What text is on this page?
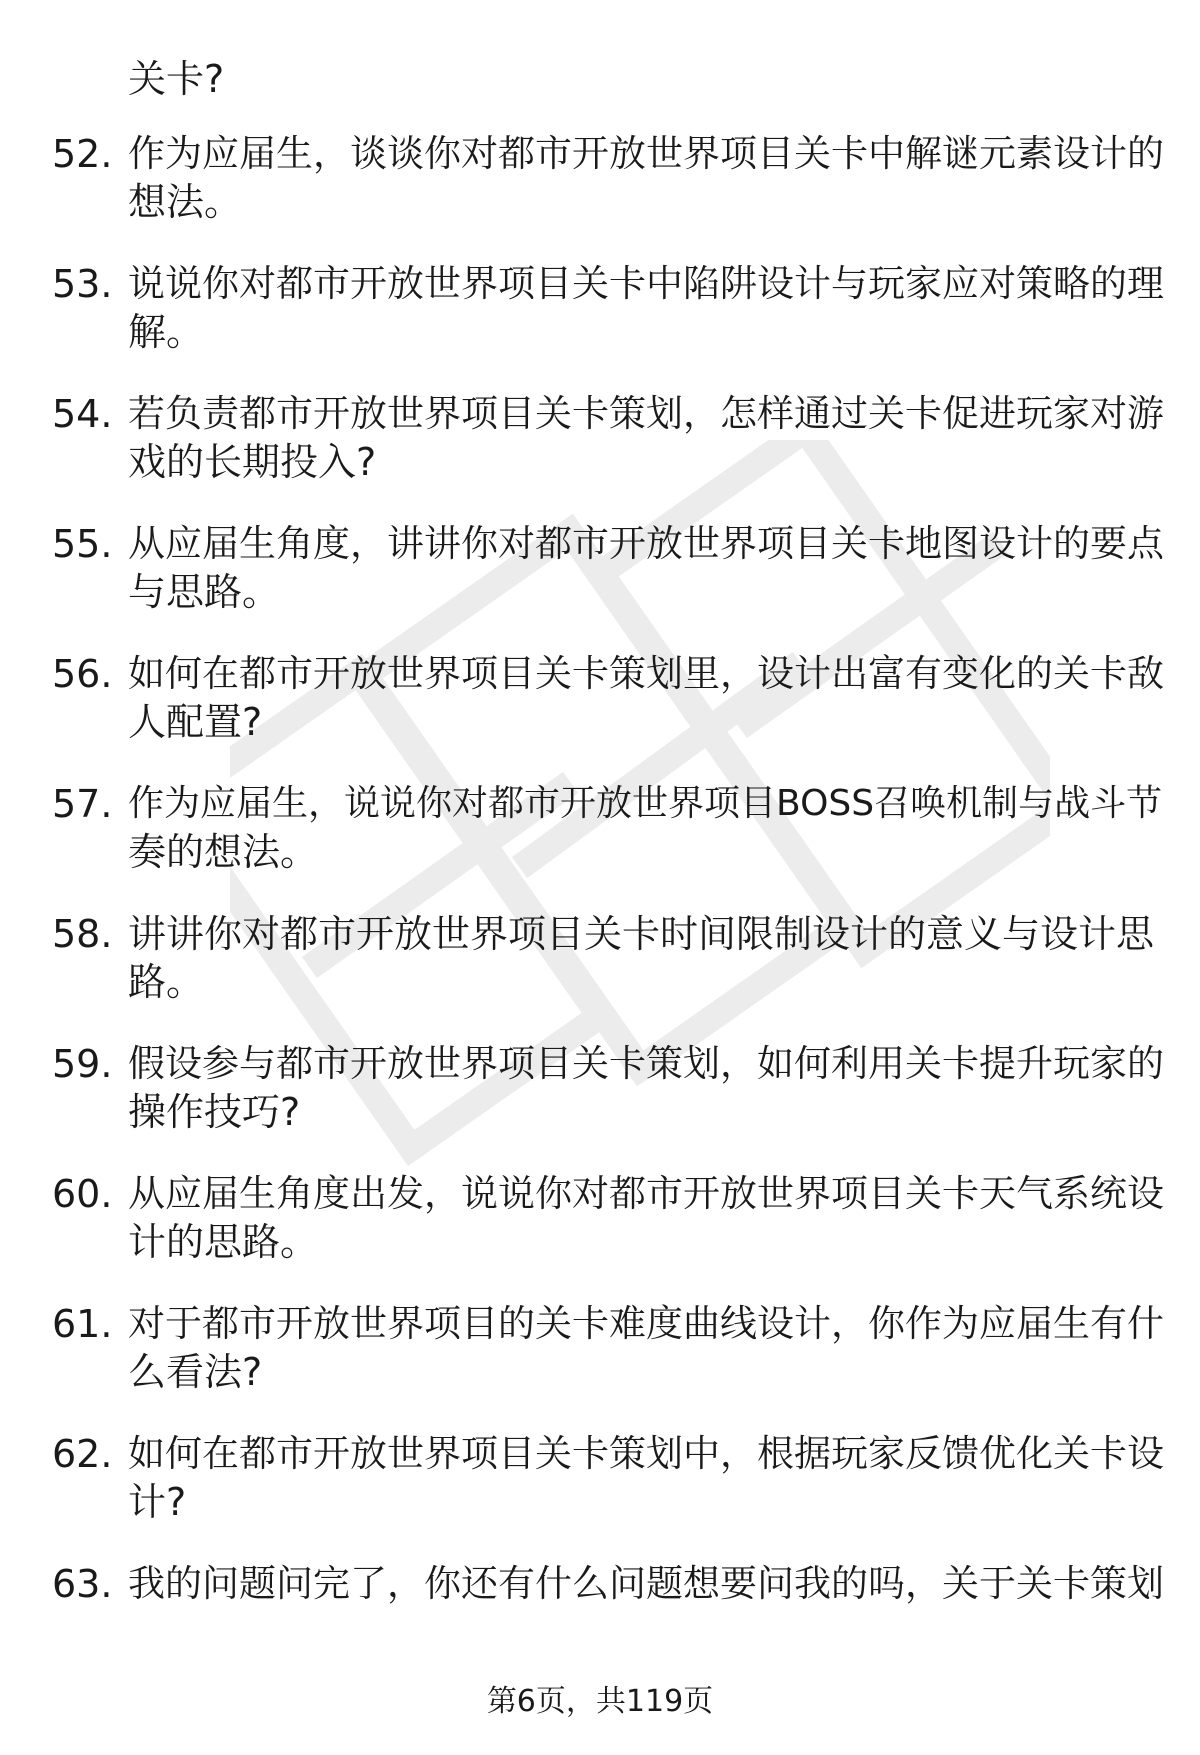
关卡?
52. 作为应届生，谈谈你对都市开放世界项目关卡中解谜元素设计的
想法。
53. 说说你对都市开放世界项目关卡中陷阱设计与玩家应对策略的理
解。
54. 若负责都市开放世界项目关卡策划，怎样通过关卡促进玩家对游
戏的长期投入?
55. 从应届生角度，讲讲你对都市开放世界项目关卡地图设计的要点
与思路。
56. 如何在都市开放世界项目关卡策划里，设计出富有变化的关卡敌
人配置?
57. 作为应届生，说说你对都市开放世界项目BOSS召唤机制与战斗节
奏的想法。
58. 讲讲你对都市开放世界项目关卡时间限制设计的意义与设计思
路。
59. 假设参与都市开放世界项目关卡策划，如何利用关卡提升玩家的
操作技巧?
60. 从应届生角度出发，说说你对都市开放世界项目关卡天气系统设
计的思路。
61. 对于都市开放世界项目的关卡难度曲线设计，你作为应届生有什
么看法?
62. 如何在都市开放世界项目关卡策划中，根据玩家反馈优化关卡设
计?
63. 我的问题问完了，你还有什么问题想要问我的吗，关于关卡策划
第6页，共119页
